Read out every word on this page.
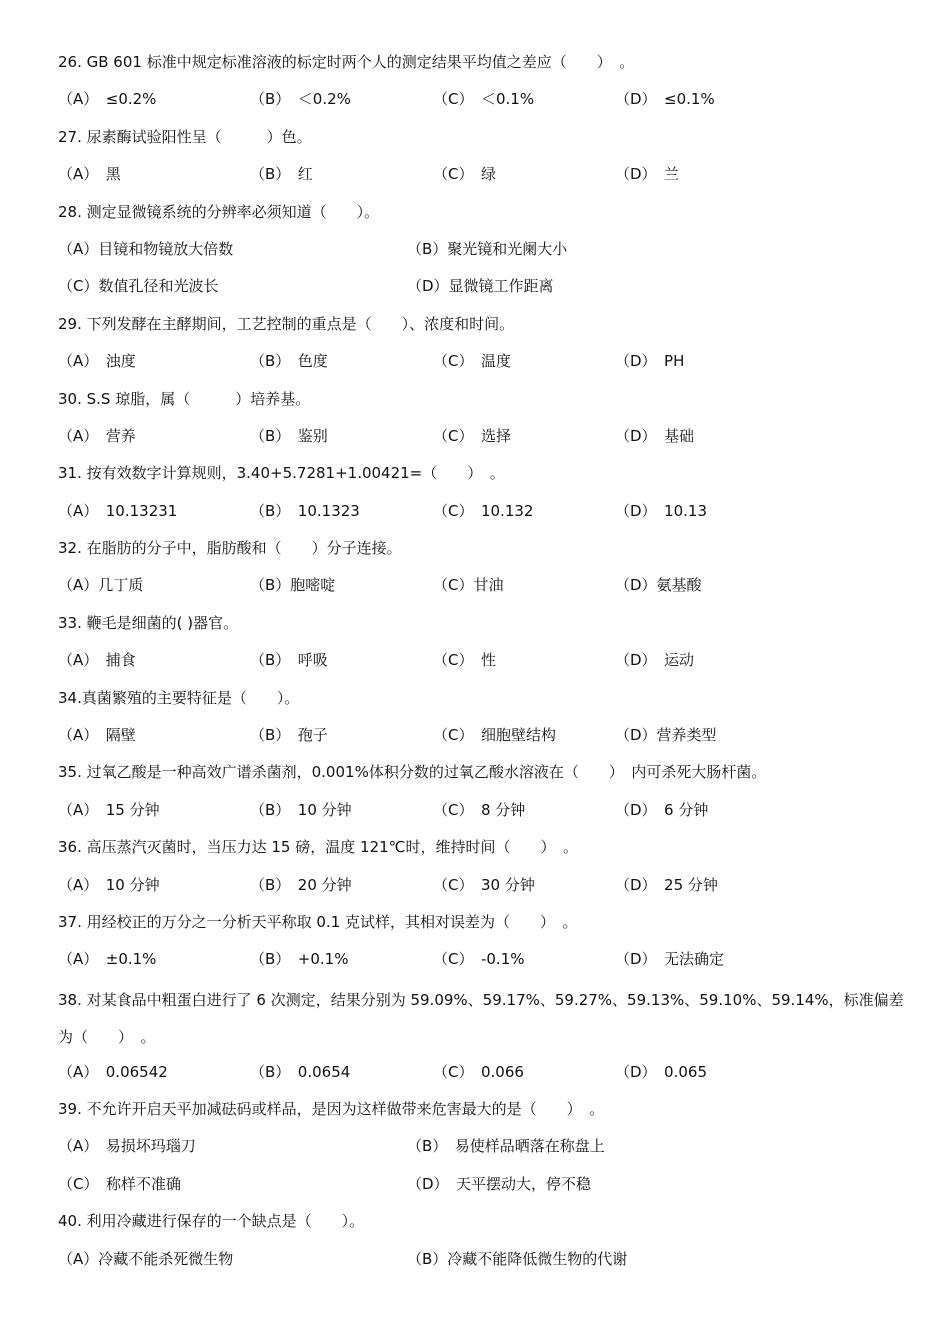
26. GB 601 标准中规定标准溶液的标定时两个人的测定结果平均值之差应（　　）　。
（A）　≤0.2%	（B）　＜0.2%	（C）　＜0.1%	（D）　≤0.1%
27. 尿素酶试验阳性呈（　　　）色。
（A）　黑	（B）　红	（C）　绿	（D）　兰
28. 测定显微镜系统的分辨率必须知道（　　）。
（A）目镜和物镜放大倍数	（B）聚光镜和光阑大小
（C）数值孔径和光波长	（D）显微镜工作距离
29. 下列发酵在主酵期间，工艺控制的重点是（　　）、浓度和时间。
（A）　浊度	（B）　色度	（C）　温度	（D）　PH
30. S.S 琼脂，属（　　　）培养基。
（A）　营养	（B）　鉴别	（C）　选择	（D）　基础
31. 按有效数字计算规则，3.40+5.7281+1.00421=（　　）　。
（A）　10.13231	（B）　10.1323	（C）　10.132	（D）　10.13
32. 在脂肪的分子中，脂肪酸和（　　）分子连接。
（A）几丁质	（B）胞嘧啶	（C）甘油	（D）氨基酸
33. 鞭毛是细菌的( )器官。
（A）　捕食	（B）　呼吸	（C）　性	（D）　运动
34.真菌繁殖的主要特征是（　　）。
（A）　隔壁	（B）　孢子	（C）　细胞壁结构	（D）营养类型
35. 过氧乙酸是一种高效广谱杀菌剂，0.001%体积分数的过氧乙酸水溶液在（　　）　内可杀死大肠杆菌。
（A）　15 分钟	（B）　10 分钟	（C）　8 分钟	（D）　6 分钟
36. 高压蒸汽灭菌时，当压力达 15 磅，温度 121℃时，维持时间（　　）　。
（A）　10 分钟	（B）　20 分钟	（C）　30 分钟	（D）　25 分钟
37. 用经校正的万分之一分析天平称取 0.1 克试样，其相对误差为（　　）　。
（A）　±0.1%	（B）　+0.1%	（C）　-0.1%	（D）　无法确定
38. 对某食品中粗蛋白进行了 6 次测定，结果分别为 59.09%、59.17%、59.27%、59.13%、59.10%、59.14%，标准偏差为（　　）　。
（A）　0.06542	（B）　0.0654	（C）　0.066	（D）　0.065
39. 不允许开启天平加减砝码或样品，是因为这样做带来危害最大的是（　　）　。
（A）　易损坏玛瑙刀	（B）　易使样品晒落在称盘上
（C）　称样不准确	（D）　天平摆动大，停不稳
40. 利用冷藏进行保存的一个缺点是（　　）。
（A）冷藏不能杀死微生物	（B）冷藏不能降低微生物的代谢
